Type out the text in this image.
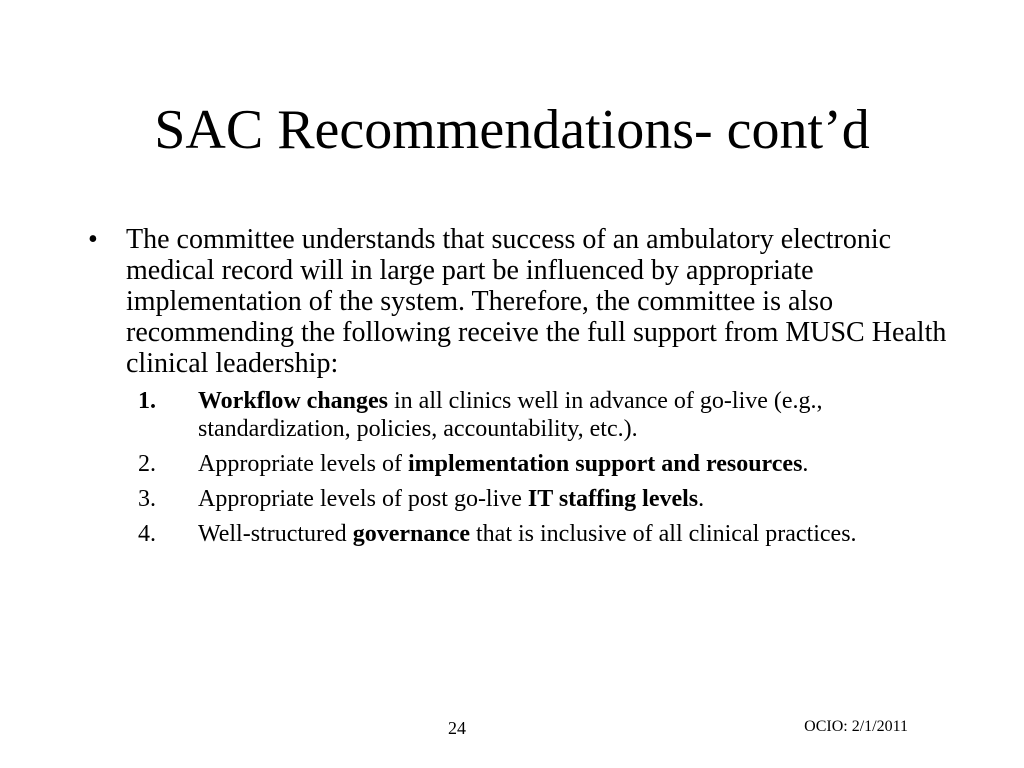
SAC Recommendations- cont’d
• The committee understands that success of an ambulatory electronic medical record will in large part be influenced by appropriate implementation of the system. Therefore, the committee is also recommending the following receive the full support from MUSC Health clinical leadership:
1. Workflow changes in all clinics well in advance of go-live (e.g., standardization, policies, accountability, etc.).
2. Appropriate levels of implementation support and resources.
3. Appropriate levels of post go-live IT staffing levels.
4. Well-structured governance that is inclusive of all clinical practices.
24	OCIO: 2/1/2011
